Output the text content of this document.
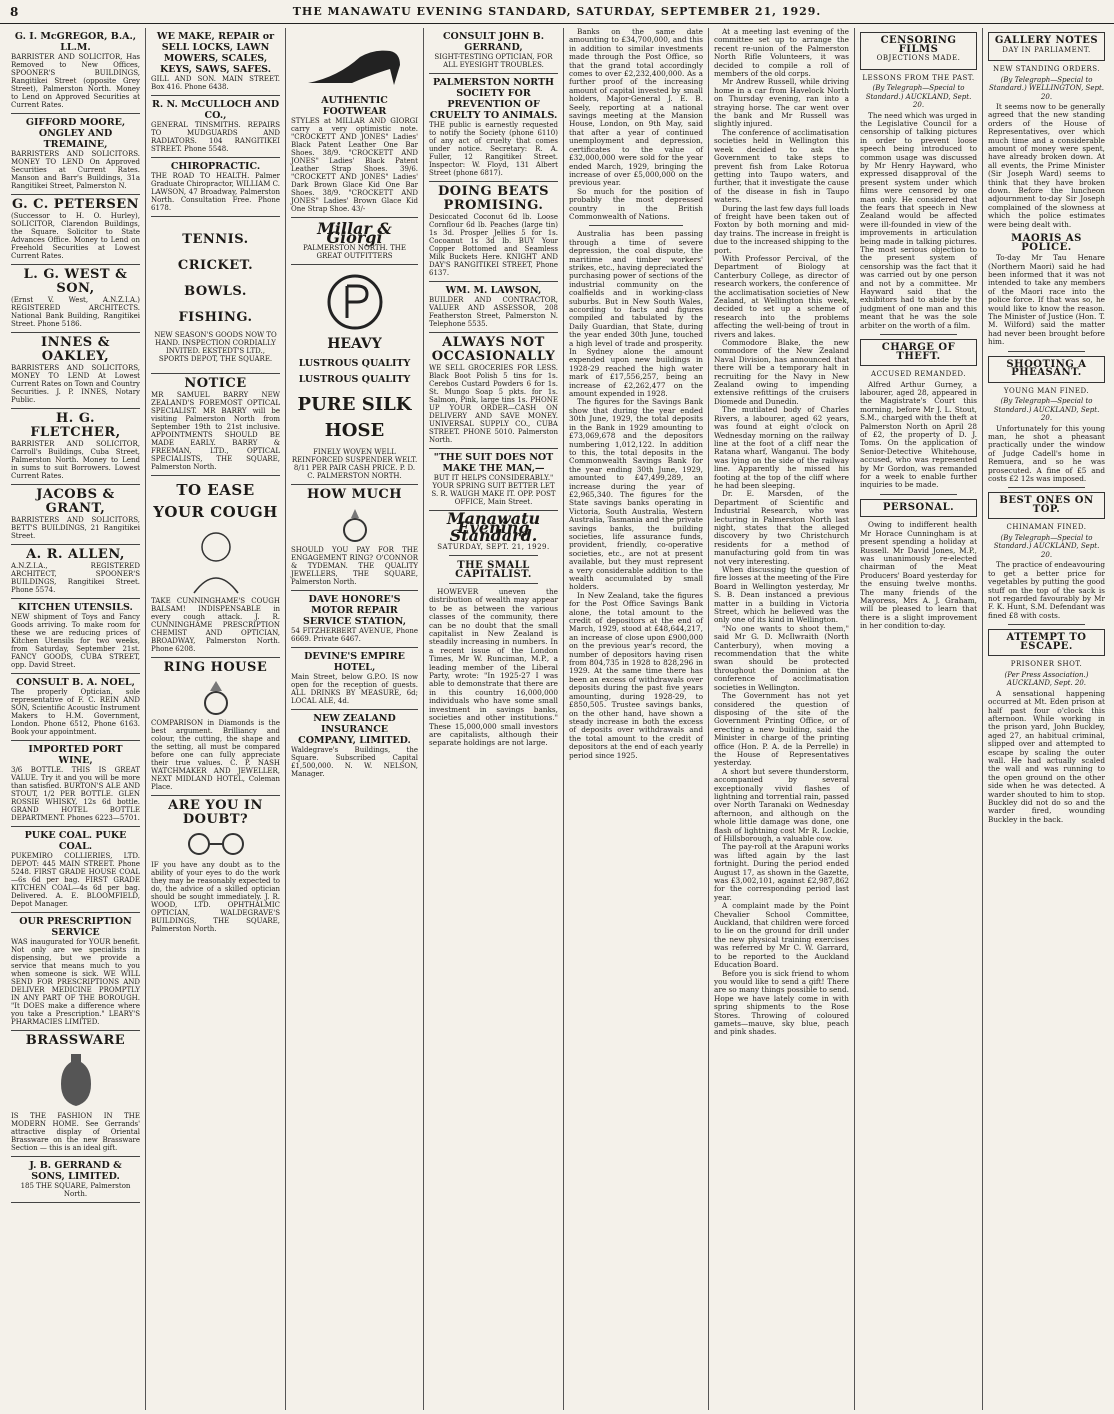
8	THE MANAWATU EVENING STANDARD, SATURDAY, SEPTEMBER 21, 1929.
G. I. McGREGOR, B.A., LL.M.
BARRISTER AND SOLICITOR, Has Removed to New Offices, SPOONER'S BUILDINGS, Rangitikei Street (opposite Grey Street), Palmerston North. Money to Lend on Approved Securities at Current Rates.
GIFFORD MOORE, ONGLEY AND TREMAINE,
BARRISTERS AND SOLICITORS. MONEY TO LEND On Approved Securities at Current Rates. Manson and Barr's Buildings, 31a Rangitikei Street, Palmerston N.
G. C. PETERSEN
(Successor to H. O. Hurley), SOLICITOR, Clarendon Buildings, the Square. Solicitor to State Advances Office. Money to Lend on Freehold Securities at Lowest Current Rates.
L. G. WEST & SON,
(Ernst V. West, A.N.Z.I.A.) REGISTERED ARCHITECTS. National Bank Building, Rangitikei Street. Phone 5186.
INNES & OAKLEY,
BARRISTERS AND SOLICITORS, MONEY TO LEND At Lowest Current Rates on Town and Country Securities. J. P. INNES, Notary Public.
H. G. FLETCHER,
BARRISTER AND SOLICITOR, Carroll's Buildings, Cuba Street, Palmerston North. Money to Lend in sums to suit Borrowers. Lowest Current Rates.
JACOBS & GRANT,
BARRISTERS AND SOLICITORS, BETT'S BUILDINGS, 21 Rangitikei Street.
A. R. ALLEN,
A.N.Z.I.A., REGISTERED ARCHITECT, SPOONER'S BUILDINGS, Rangitikei Street. Phone 5574.
KITCHEN UTENSILS.
NEW shipment of Toys and Fancy Goods arriving. To make room for these we are reducing prices of Kitchen Utensils for two weeks, from Saturday, September 21st. FANCY GOODS, CUBA STREET, opp. David Street.
CONSULT B. A. NOEL,
The properly Optician, sole representative of F. C. REIN AND SON, Scientific Acoustic Instrument Makers to H.M. Government, London. Phone 6512, Phone 6163. Book your appointment.
IMPORTED PORT WINE,
3/6 BOTTLE. THIS IS GREAT VALUE. Try it and you will be more than satisfied. BURTON'S ALE AND STOUT, 1/2 PER BOTTLE. GLEN ROSSIE WHISKY, 12s 6d bottle. GRAND HOTEL BOTTLE DEPARTMENT. Phones 6223—5701.
PUKE COAL. PUKE COAL.
PUKEMIRO COLLIERIES, LTD. DEPOT: 445 MAIN STREET. Phone 5248. FIRST GRADE HOUSE COAL—6s 6d per bag. FIRST GRADE KITCHEN COAL—4s 6d per bag. Delivered. A. E. BLOOMFIELD, Depot Manager.
OUR PRESCRIPTION SERVICE
WAS inaugurated for YOUR benefit. Not only are we specialists in dispensing, but we provide a service that means much to you when someone is sick. WE WILL SEND FOR PRESCRIPTIONS AND DELIVER MEDICINE PROMPTLY IN ANY PART OF THE BOROUGH. "It DOES make a difference where you take a Prescription." LEARY'S PHARMACIES LIMITED.
BRASSWARE
IS THE FASHION IN THE MODERN HOME. See Gerrands' attractive display of Oriental Brassware on the new Brassware Section — this is an ideal gift.
J. B. GERRAND & SONS, LIMITED.
185 THE SQUARE, Palmerston North.
WE MAKE, REPAIR or SELL LOCKS, LAWN MOWERS, SCALES, KEYS, SAWS, SAFES.
GILL AND SON. MAIN STREET. Box 416. Phone 6438.
R. N. McCULLOCH AND CO.,
GENERAL TINSMITHS. REPAIRS TO MUDGUARDS AND RADIATORS. 104 RANGITIKEI STREET. Phone 5548.
CHIROPRACTIC.
THE ROAD TO HEALTH. Palmer Graduate Chiropractor, WILLIAM C. LAWSON, 47 Broadway, Palmerston North. Consultation Free. Phone 6178.
TENNIS. CRICKET. BOWLS. FISHING.
NEW SEASON'S GOODS NOW TO HAND. INSPECTION CORDIALLY INVITED. EKSTEDT'S LTD., SPORTS DEPOT, THE SQUARE.
NOTICE
MR SAMUEL BARRY NEW ZEALAND'S FOREMOST OPTICAL SPECIALIST. MR BARRY will be visiting Palmerston North from September 19th to 21st inclusive. APPOINTMENTS SHOULD BE MADE EARLY. BARRY & FREEMAN, LTD., OPTICAL SPECIALISTS, THE SQUARE, Palmerston North.
TO EASE YOUR COUGH
TAKE CUNNINGHAME'S COUGH BALSAM! INDISPENSABLE in every cough attack. J. R. CUNNINGHAME PRESCRIPTION CHEMIST AND OPTICIAN, BROADWAY, Palmerston North. Phone 6208.
RING HOUSE
COMPARISON in Diamonds is the best argument. Brilliancy and colour, the cutting, the shape and the setting, all must be compared before one can fully appreciate their true values. C. P. NASH WATCHMAKER AND JEWELLER, NEXT MIDLAND HOTEL, Coleman Place.
ARE YOU IN DOUBT?
IF you have any doubt as to the ability of your eyes to do the work they may be reasonably expected to do, the advice of a skilled optician should be sought immediately. J. R. WOOD, LTD. OPHTHALMIC OPTICIAN, WALDEGRAVE'S BUILDINGS, THE SQUARE, Palmerston North.
AUTHENTIC FOOTWEAR
STYLES at MILLAR AND GIORGI carry a very optimistic note. "CROCKETT AND JONES" Ladies' Black Patent Leather One Bar Shoes. 38/9. "CROCKETT AND JONES" Ladies' Black Patent Leather Strap Shoes. 39/6. "CROCKETT AND JONES" Ladies' Dark Brown Glace Kid One Bar Shoes. 38/9. "CROCKETT AND JONES" Ladies' Brown Glace Kid One Strap Shoe. 43/-
Millar & Giorgi
PALMERSTON NORTH. THE GREAT OUTFITTERS
HEAVY
LUSTROUS QUALITY LUSTROUS QUALITY
PURE SILK HOSE
FINELY WOVEN WELL REINFORCED SUSPENDER WELT. 8/11 PER PAIR CASH PRICE. P. D. C. PALMERSTON NORTH.
HOW MUCH
SHOULD YOU PAY FOR THE ENGAGEMENT RING? O'CONNOR & TYDEMAN. THE QUALITY JEWELLERS, THE SQUARE, Palmerston North.
DAVE HONORE'S MOTOR REPAIR SERVICE STATION,
54 FITZHERBERT AVENUE, Phone 6669. Private 6467.
DEVINE'S EMPIRE HOTEL,
Main Street, below G.P.O. IS now open for the reception of guests. ALL DRINKS BY MEASURE, 6d; LOCAL ALE, 4d.
NEW ZEALAND INSURANCE COMPANY, LIMITED.
Waldegrave's Buildings, the Square. Subscribed Capital £1,500,000. N. W. NELSON, Manager.
CONSULT JOHN B. GERRAND,
SIGHT-TESTING OPTICIAN, FOR ALL EYESIGHT TROUBLES.
PALMERSTON NORTH SOCIETY FOR PREVENTION OF CRUELTY TO ANIMALS.
THE public is earnestly requested to notify the Society (phone 6110) of any act of cruelty that comes under notice. Secretary: R. A. Fuller, 12 Rangitikei Street. Inspector: W. Floyd, 131 Albert Street (phone 6817).
DOING BEATS PROMISING.
Desiccated Coconut 6d lb. Loose Cornflour 6d lb. Peaches (large tin) 1s 3d. Prosper Jellies 5 for 1s. Cocoanut 1s 3d lb. BUY Your Copper Bottomed and Seamless Milk Buckets Here. KNIGHT AND DAY'S RANGITIKEI STREET, Phone 6137.
WM. M. LAWSON,
BUILDER AND CONTRACTOR, VALUER AND ASSESSOR, 208 Featherston Street, Palmerston N. Telephone 5535.
ALWAYS NOT OCCASIONALLY
WE SELL GROCERIES FOR LESS. Black Boot Polish 5 tins for 1s. Cerebos Custard Powders 6 for 1s. St. Mungo Soap 5 pkts. for 1s. Salmon, Pink, large tins 1s. PHONE UP YOUR ORDER—CASH ON DELIVERY AND SAVE MONEY. UNIVERSAL SUPPLY CO., CUBA STREET. PHONE 5010. Palmerston North.
"THE SUIT DOES NOT MAKE THE MAN,—
BUT IT HELPS CONSIDERABLY." YOUR SPRING SUIT BETTER LET S. R. WAUGH MAKE IT. OPP. POST OFFICE, Main Street.
Manawatu Evening Standard.
SATURDAY, SEPT. 21, 1929.
THE SMALL CAPITALIST.

HOWEVER uneven the distribution of wealth may appear to be as between the various classes of the community, there can be no doubt that the small capitalist in New Zealand is steadily increasing in numbers. In a recent issue of the London Times, Mr W. Runciman, M.P., a leading member of the Liberal Party, wrote: "In 1925-27 I was able to demonstrate that there are in this country 16,000,000 individuals who have some small investment in savings banks, societies and other institutions." These 15,000,000 small investors are capitalists, although their separate holdings are not large.

Banks on the same date amounting to £34,700,000, and this in addition to similar investments made through the Post Office, so that the grand total accordingly comes to over £2,232,400,000. As a further proof of the increasing amount of capital invested by small holders, Major-General J. E. B. Seely, reporting at a national savings meeting at the Mansion House, London, on 9th May, said that after a year of continued unemployment and depression, certificates to the value of £32,000,000 were sold for the year ended March, 1929, bringing the increase of over £5,000,000 on the previous year.

So much for the position of probably the most depressed country in the British Commonwealth of Nations.

Australia has been passing through a time of severe depression, the coal dispute, the maritime and timber workers' strikes, etc., having depreciated the purchasing power of sections of the industrial community on the coalfields and in working-class suburbs. But in New South Wales, according to facts and figures compiled and tabulated by the Daily Guardian, that State, during the year ended 30th June, touched a high level of trade and prosperity. In Sydney alone the amount expended upon new buildings in 1928-29 reached the high water mark of £17,556,257, being an increase of £2,262,477 on the amount expended in 1928.

The figures for the Savings Bank show that during the year ended 30th June, 1929, the total deposits in the Bank in 1929 amounting to £73,069,678 and the depositors numbering 1,012,122. In addition to this, the total deposits in the Commonwealth Savings Bank for the year ending 30th June, 1929, amounted to £47,499,289, an increase during the year of £2,965,340. The figures for the State savings banks operating in Victoria, South Australia, Western Australia, Tasmania and the private savings banks, the building societies, life assurance funds, provident, friendly, co-operative societies, etc., are not at present available, but they must represent a very considerable addition to the wealth accumulated by small holders.

In New Zealand, take the figures for the Post Office Savings Bank alone, the total amount to the credit of depositors at the end of March, 1929, stood at £48,644,217, an increase of close upon £900,000 on the previous year's record, the number of depositors having risen from 804,735 in 1928 to 828,296 in 1929. At the same time there has been an excess of withdrawals over deposits during the past five years amounting, during 1928-29, to £850,505. Trustee savings banks, on the other hand, have shown a steady increase in both the excess of deposits over withdrawals and the total amount to the credit of depositors at the end of each yearly period since 1925.

At a meeting last evening of the committee set up to arrange the recent re-union of the Palmerston North Rifle Volunteers, it was decided to compile a roll of members of the old corps.

Mr Andrew Russell, while driving home in a car from Havelock North on Thursday evening, ran into a straying horse. The car went over the bank and Mr Russell was slightly injured.

The conference of acclimatisation societies held in Wellington this week decided to ask the Government to take steps to prevent fish from Lake Rotorua getting into Taupo waters, and further, that it investigate the cause of the disease in fish in Taupo waters.

During the last few days full loads of freight have been taken out of Foxton by both morning and mid-day trains. The increase in freight is due to the increased shipping to the port.

With Professor Percival, of the Department of Biology at Canterbury College, as director of research workers, the conference of the acclimatisation societies of New Zealand, at Wellington this week, decided to set up a scheme of research into the problems affecting the well-being of trout in rivers and lakes.

Commodore Blake, the new commodore of the New Zealand Naval Division, has announced that there will be a temporary halt in recruiting for the Navy in New Zealand owing to impending extensive refittings of the cruisers Diomede and Dunedin.

The mutilated body of Charles Rivers, a labourer, aged 62 years, was found at eight o'clock on Wednesday morning on the railway line at the foot of a cliff near the Ratana wharf, Wanganui. The body was lying on the side of the railway line. Apparently he missed his footing at the top of the cliff where he had been sleeping.

Dr. E. Marsden, of the Department of Scientific and Industrial Research, who was lecturing in Palmerston North last night, states that the alleged discovery by two Christchurch residents for a method of manufacturing gold from tin was not very interesting.

When discussing the question of fire losses at the meeting of the Fire Board in Wellington yesterday, Mr S. B. Dean instanced a previous matter in a building in Victoria Street, which he believed was the only one of its kind in Wellington.

"No one wants to shoot them," said Mr G. D. McIlwraith (North Canterbury), when moving a recommendation that the white swan should be protected throughout the Dominion at the conference of acclimatisation societies in Wellington.

The Government has not yet considered the question of disposing of the site of the Government Printing Office, or of erecting a new building, said the Minister in charge of the printing office (Hon. P. A. de la Perrelle) in the House of Representatives yesterday.

A short but severe thunderstorm, accompanied by several exceptionally vivid flashes of lightning and torrential rain, passed over North Taranaki on Wednesday afternoon, and although on the whole little damage was done, one flash of lightning cost Mr R. Lockie, of Hillsborough, a valuable cow.

The pay-roll at the Arapuni works was lifted again by the last fortnight. During the period ended August 17, as shown in the Gazette, was £3,002,101, against £2,987,862 for the corresponding period last year.

A complaint made by the Point Chevalier School Committee, Auckland, that children were forced to lie on the ground for drill under the new physical training exercises was referred by Mr C. W. Garrard, to be reported to the Auckland Education Board.

Before you is sick friend to whom you would like to send a gift! There are so many things possible to send. Hope we have lately come in with spring shipments to the Rose Stores. Throwing of coloured gamets—mauve, sky blue, peach and pink shades.

CENSORING FILMS
OBJECTIONS MADE.
LESSONS FROM THE PAST.
(By Telegraph—Special to Standard.) AUCKLAND, Sept. 20.

The need which was urged in the Legislative Council for a censorship of talking pictures in order to prevent loose speech being introduced to common usage was discussed by Mr Henry Hayward, who expressed disapproval of the present system under which films were censored by one man only. He considered that the fears that speech in New Zealand would be affected were ill-founded in view of the improvements in articulation being made in talking pictures. The most serious objection to the present system of censorship was the fact that it was carried out by one person and not by a committee. Mr Hayward said that the exhibitors had to abide by the judgment of one man and this meant that he was the sole arbiter on the worth of a film.

CHARGE OF THEFT.
ACCUSED REMANDED.

Alfred Arthur Gurney, a labourer, aged 28, appeared in the Magistrate's Court this morning, before Mr J. L. Stout, S.M., charged with the theft at Palmerston North on April 28 of £2, the property of D. J. Toms. On the application of Senior-Detective Whitehouse, accused, who was represented by Mr Gordon, was remanded for a week to enable further inquiries to be made.

PERSONAL.

Owing to indifferent health Mr Horace Cunningham is at present spending a holiday at Russell. Mr David Jones, M.P., was unanimously re-elected chairman of the Meat Producers' Board yesterday for the ensuing twelve months. The many friends of the Mayoress, Mrs A. J. Graham, will be pleased to learn that there is a slight improvement in her condition to-day.

GALLERY NOTES
DAY IN PARLIAMENT.
NEW STANDING ORDERS.
(By Telegraph—Special to Standard.) WELLINGTON, Sept. 20.

It seems now to be generally agreed that the new standing orders of the House of Representatives, over which much time and a considerable amount of money were spent, have already broken down. At all events, the Prime Minister (Sir Joseph Ward) seems to think that they have broken down. Before the luncheon adjournment to-day Sir Joseph complained of the slowness at which the police estimates were being dealt with.

MAORIS AS POLICE.

To-day Mr Tau Henare (Northern Maori) said he had been informed that it was not intended to take any members of the Maori race into the police force. If that was so, he would like to know the reason. The Minister of Justice (Hon. T. M. Wilford) said the matter had never been brought before him.

SHOOTING A PHEASANT.
YOUNG MAN FINED.
(By Telegraph—Special to Standard.) AUCKLAND, Sept. 20.

Unfortunately for this young man, he shot a pheasant practically under the window of Judge Cadell's home in Remuera, and so he was prosecuted. A fine of £5 and costs £2 12s was imposed.

BEST ONES ON TOP.
CHINAMAN FINED.
(By Telegraph—Special to Standard.) AUCKLAND, Sept. 20.

The practice of endeavouring to get a better price for vegetables by putting the good stuff on the top of the sack is not regarded favourably by Mr F. K. Hunt, S.M. Defendant was fined £8 with costs.

ATTEMPT TO ESCAPE.
PRISONER SHOT.
(Per Press Association.) AUCKLAND, Sept. 20.

A sensational happening occurred at Mt. Eden prison at half past four o'clock this afternoon. While working in the prison yard, John Buckley, aged 27, an habitual criminal, slipped over and attempted to escape by scaling the outer wall. He had actually scaled the wall and was running to the open ground on the other side when he was detected. A warder shouted to him to stop. Buckley did not do so and the warder fired, wounding Buckley in the back.
